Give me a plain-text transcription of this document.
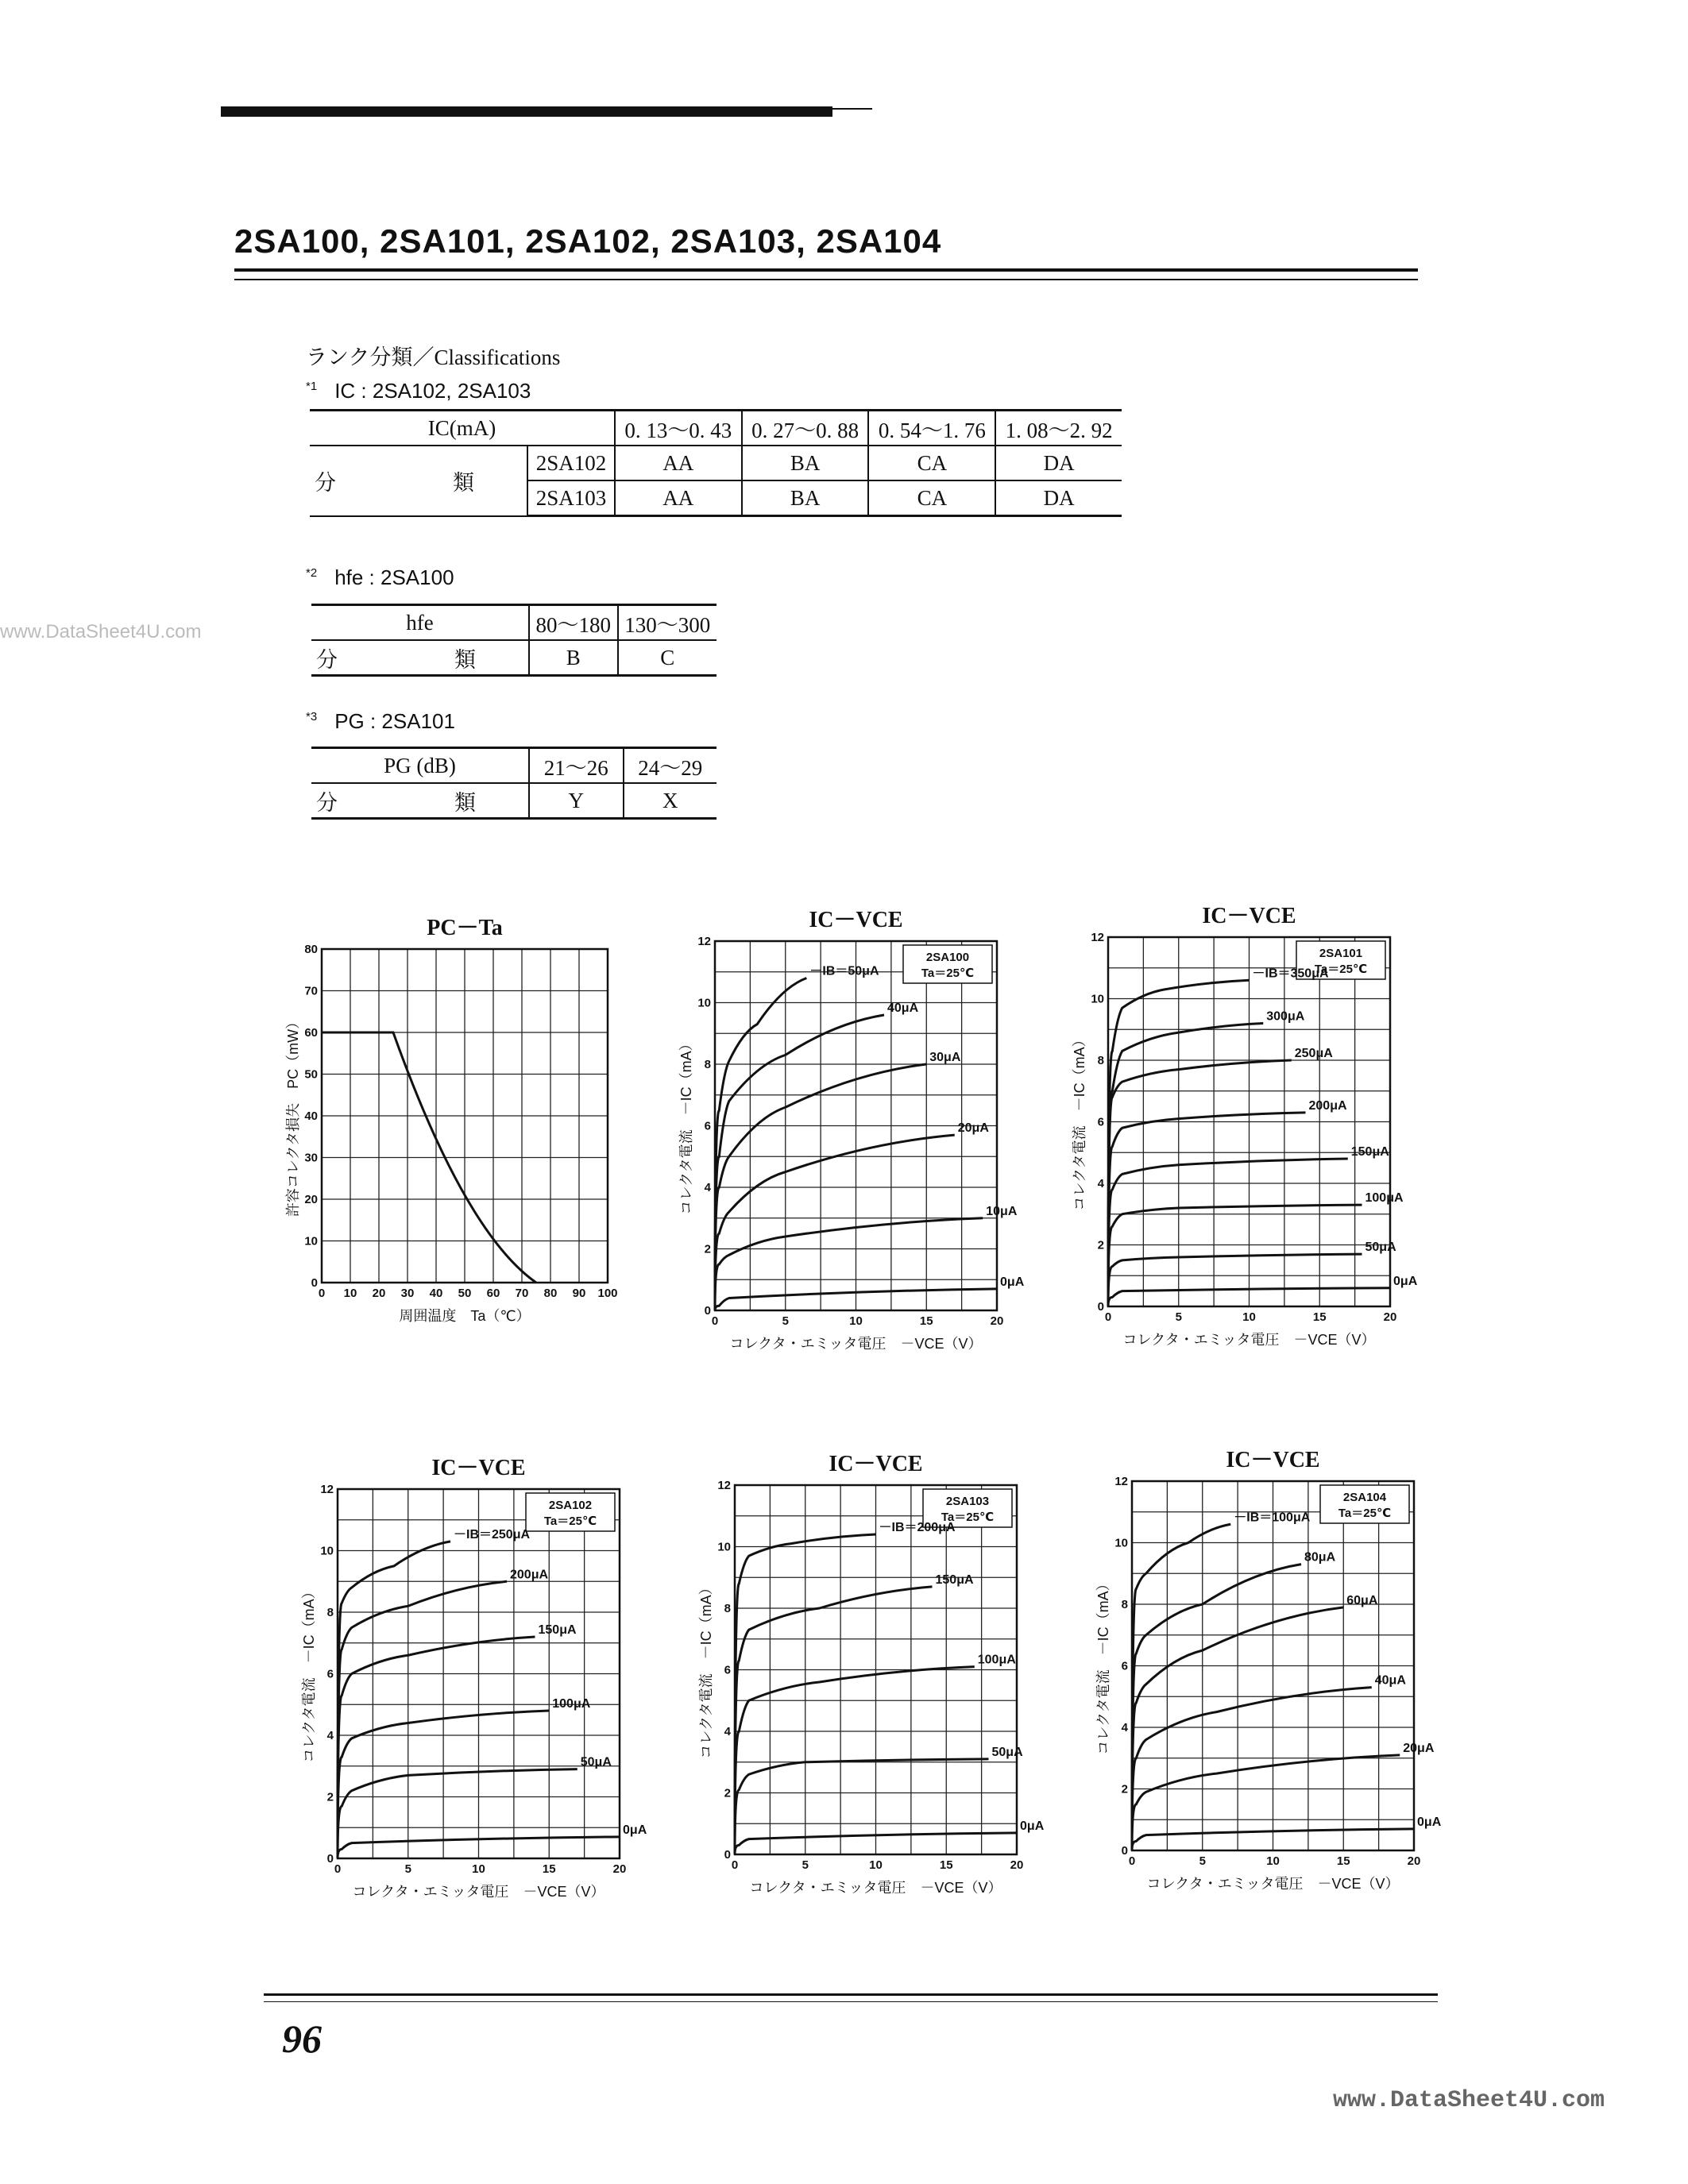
2SA100, 2SA101, 2SA102, 2SA103, 2SA104
ランク分類／Classifications
$^{*1}$ IC : 2SA102, 2SA103
IC(mA)		0. 13～0. 43	0. 27～0. 88	0. 54～1. 76	1. 08～2. 92
分　類	2SA102	AA	BA	CA	DA
	2SA103	AA	BA	CA	DA
$^{*2}$ hfe : 2SA100
hfe	80～180	130～300
分　類	B	C
$^{*3}$ PG : 2SA101
PG (dB)	21～26	24～29
分　類	Y	X
PC－Ta
0 10 20 30 40 50 60 70 80 90 100
0
10
20
30
40
50
60
70
80
周囲温度　Ta（℃）
許容コレクタ損失　PC（mW）
IC－VCE
0	5	10	15	20
0
2
4
6
8
10
12
コレクタ・エミッタ電圧　－VCE（V）
コレクタ電流　－IC（mA）
2SA100
Ta＝25℃
－IB＝50μA
40μA
30μA
20μA
10μA
0μA
IC－VCE
0	5	10	15	20
0
2
4
6
8
10
12
コレクタ・エミッタ電圧　－VCE（V）
コレクタ電流　－IC（mA）
2SA101
Ta＝25℃
－IB＝350μA
300μA
250μA
200μA
150μA
100μA
50μA
0μA
IC－VCE
0	5	10	15	20
0
2
4
6
8
10
12
コレクタ・エミッタ電圧　－VCE（V）
コレクタ電流　－IC（mA）
2SA102
Ta＝25℃
－IB＝250μA
200μA
150μA
100μA
50μA
0μA
IC－VCE
0	5	10	15	20
0
2
4
6
8
10
12
コレクタ・エミッタ電圧　－VCE（V）
コレクタ電流　－IC（mA）
2SA103
Ta＝25℃
－IB＝200μA
150μA
100μA
50μA
0μA
IC－VCE
0	5	10	15	20
0
2
4
6
8
10
12
コレクタ・エミッタ電圧　－VCE（V）
コレクタ電流　－IC（mA）
2SA104
Ta＝25℃
－IB＝100μA
80μA
60μA
40μA
20μA
0μA
96
www.DataSheet4U.com
www.DataSheet4U.com
